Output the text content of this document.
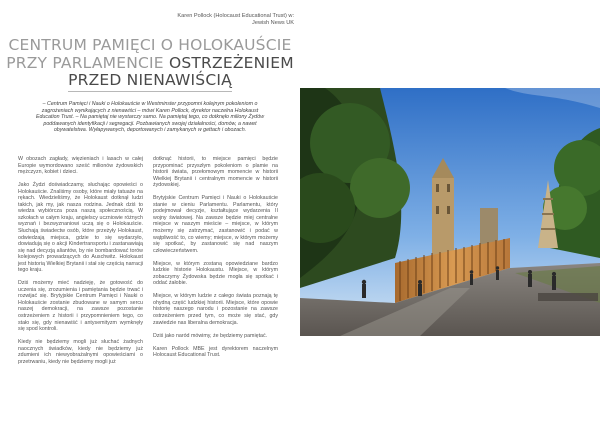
Karen Pollock (Holocaust Educational Trust) w:
Jewish News UK
CENTRUM PAMIĘCI O HOLOKAUŚCIE
PRZY PARLAMENCIE OSTRZEŻENIEM
PRZED NIENAWIŚCIĄ
– Centrum Pamięci i Nauki o Holokauście w Westminster przypomni kolejnym pokoleniom o zagrożeniach wynikających z nienawiści – mówi Karen Pollock, dyrektor naczelna Holokaust Education Trust. – Na pamiętaj nie wystarczy samo. Na pamiętaj tego, co dotknęło miliony Żydów poddawanych identyfikacji i segregacji. Pozbawianych swojej działalności, domów, a nawet obywatelstwa. Wyłapywanych, deportowanych i zamykanych w gettach i obozach.

W obozach zagłady, więzieniach i lasach w całej Europie wymordowano sześć milionów żydowskich mężczyzn, kobiet i dzieci.

Jako Żydzi doświadczamy, słuchając opowieści o Holokauście. Znaliśmy osoby, które miały tatuaże na rękach. Wiedzieliśmy, że Holokaust dotknął ludzi takich, jak my, jak nasza rodzina. Jednak dziś to wiedza wybiórcza poza naszą społecznością. W szkołach w całym kraju, angielscy uczniowie różnych wyznań i bezwyznaniowi uczą się o Holokauście. Słuchają świadectw osób, które przeżyły Holokaust, odwiedzają miejsca, gdzie to się wydarzyło, dowiadują się o akcji Kindertransportu i zastanawiają się nad decyzją aliantów, by nie bombardować torów kolejowych prowadzących do Auschwitz. Holokaust jest historią Wielkiej Brytanii i stał się częścią narracji tego kraju.

Dziś możemy mieć nadzieję, że gotowość do uczenia się, zrozumienia i pamiętania będzie trwać i rozwijać się. Brytyjskie Centrum Pamięci i Nauki o Holokauście zostanie zbudowane w samym sercu naszej demokracji, na zawsze pozostanie ostrzeżeniem z historii i przypomnieniem tego, co stało się, gdy nienawiść i antysemityzm wymknęły się spod kontroli.

Kiedy nie będziemy mogli już słuchać żadnych naocznych świadków, kiedy nie będziemy już zdumieni ich niewyobrażalnymi opowieściami o przetrwaniu, kiedy nie będziemy mogli już

dotknąć historii, to miejsce pamięci będzie przypominać przyszłym pokoleniom o plamie na historii świata, przełomowym momencie w historii Wielkiej Brytanii i centralnym momencie w historii żydowskiej.

Brytyjskie Centrum Pamięci i Nauki o Holokauście stanie w cieniu Parlamentu. Parlamentu, który podejmował decyzje, kształtujące wydarzenia II wojny światowej. Na zawsze będzie miej centralne miejsce w naszym mieście – miejsce, w którym możemy się zatrzymać, zastanowić i podać w wątpliwość to, co wiemy; miejsce, w którym możemy się spotkać, by zastanowić się nad naszym człowieczeństwem.

Miejsce, w którym zostaną opowiedziane bardzo ludzkie historie Holokaustu. Miejsce, w którym zobaczymy Żydowska będzie mogła się spotkać i oddać żałobie.

Miejsce, w którym ludzie z całego świata poznają tę ohydną część ludzkiej historii. Miejsce, które opowie historię naszego narodu i pozostanie na zawsze ostrzeżeniem przed tym, co może się stać, gdy zawiedzie nas liberalna demokracja.

Dziś jako naród mówimy, że będziemy pamiętać.

Karen Pollock MBE jest dyrektorem naczelnym Holocaust Educational Trust.
